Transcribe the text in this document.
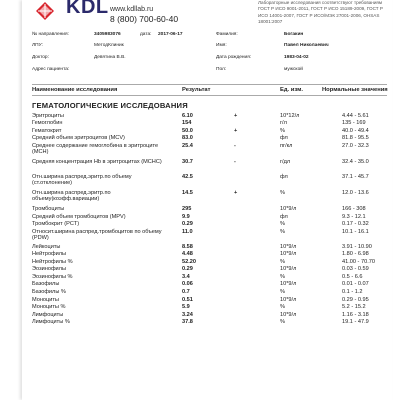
KDL www.kdllab.ru
8 (800) 700-60-40
Лабораторные исследования соответствуют требованиям ГОСТ Р ИСО 9001-2011, ГОСТ Р ИСО 15189-2009, ГОСТ Р ИСО 14001-2007, ГОСТ Р ИСО/МЭК 27001-2006, OHSAS 18001:2007
№ направления:	3405983076	дата: 2017-06-17	Фамилия:	Богакин
ЛПУ:	МетодКлиник	Имя:	Павел Николаевич
Доктор:	Девятина В.В.	Дата рождения:	1983-04-02
Адрес пациента:	Пол:	мужской
Наименование исследования	Результат	Ед. изм.	Нормальные значения
ГЕМАТОЛОГИЧЕСКИЕ ИССЛЕДОВАНИЯ
Эритроциты	6.10	+	10*12/л	4.44 - 5.61
Гемоглобин	154	г/л	135 - 169
Гематокрит	50.0	+	%	40.0 - 49.4
Средний объем эритроцитов (MCV)	83.0	фл	81.8 - 95.5
Среднее содержание гемоглобина в эритроците (MCH)
25.4	-	пг/кл	27.0 - 32.3
Средняя концентрация Hb в эритроцитах (MCHC)	30.7	-	г/дл	32.4 - 35.0
Отн.ширина распред.эритр.по объему (ст.отклонение)
42.5	фл	37.1 - 45.7
Отн.ширина распред.эритр.по объему(коэфф.вариации)
14.5	+	%	12.0 - 13.6
Тромбоциты	295	10*9/л	166 - 308
Средний объем тромбоцитов (MPV)	9.9	фл	9.3 - 12.1
Тромбокрит (PCT)	0.29	%	0.17 - 0.32
Относит.ширина распред.тромбоцитов по объему (PDW)
11.0	%	10.1 - 16.1
Лейкоциты	8.58	10*9/л	3.91 - 10.90
Нейтрофилы	4.48	10*9/л	1.80 - 6.98
Нейтрофилы %	52.20	%	41.00 - 70.70
Эозинофилы	0.29	10*9/л	0.03 - 0.59
Эозинофилы %	3.4	%	0.5 - 6.6
Базофилы	0.06	10*9/л	0.01 - 0.07
Базофилы %	0.7	%	0.1 - 1.2
Моноциты	0.51	10*9/л	0.29 - 0.95
Моноциты %	5.9	%	5.2 - 15.2
Лимфоциты	3.24	10*9/л	1.16 - 3.18
Лимфоциты %	37.8	%	19.1 - 47.9
